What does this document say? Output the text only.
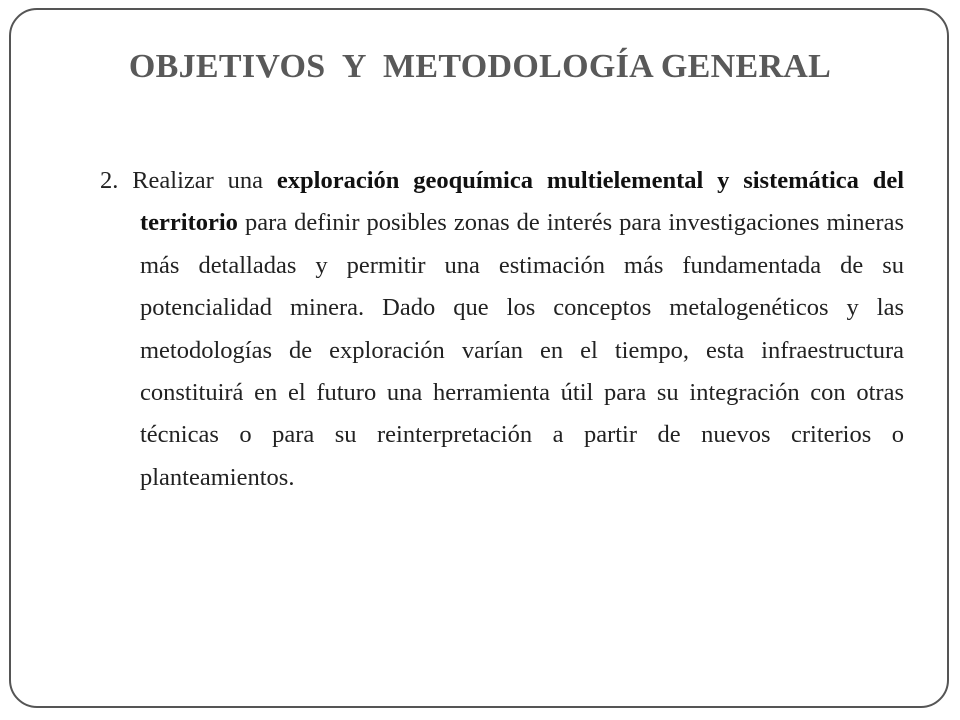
OBJETIVOS  Y  METODOLOGÍA GENERAL

2. Realizar una exploración geoquímica multielemental y sistemática del territorio para definir posibles zonas de interés para investigaciones mineras más detalladas y permitir una estimación más fundamentada de su potencialidad minera. Dado que los conceptos metalogenéticos y las metodologías de exploración varían en el tiempo, esta infraestructura constituirá en el futuro una herramienta útil para su integración con otras técnicas o para su reinterpretación a partir de nuevos criterios o planteamientos.
